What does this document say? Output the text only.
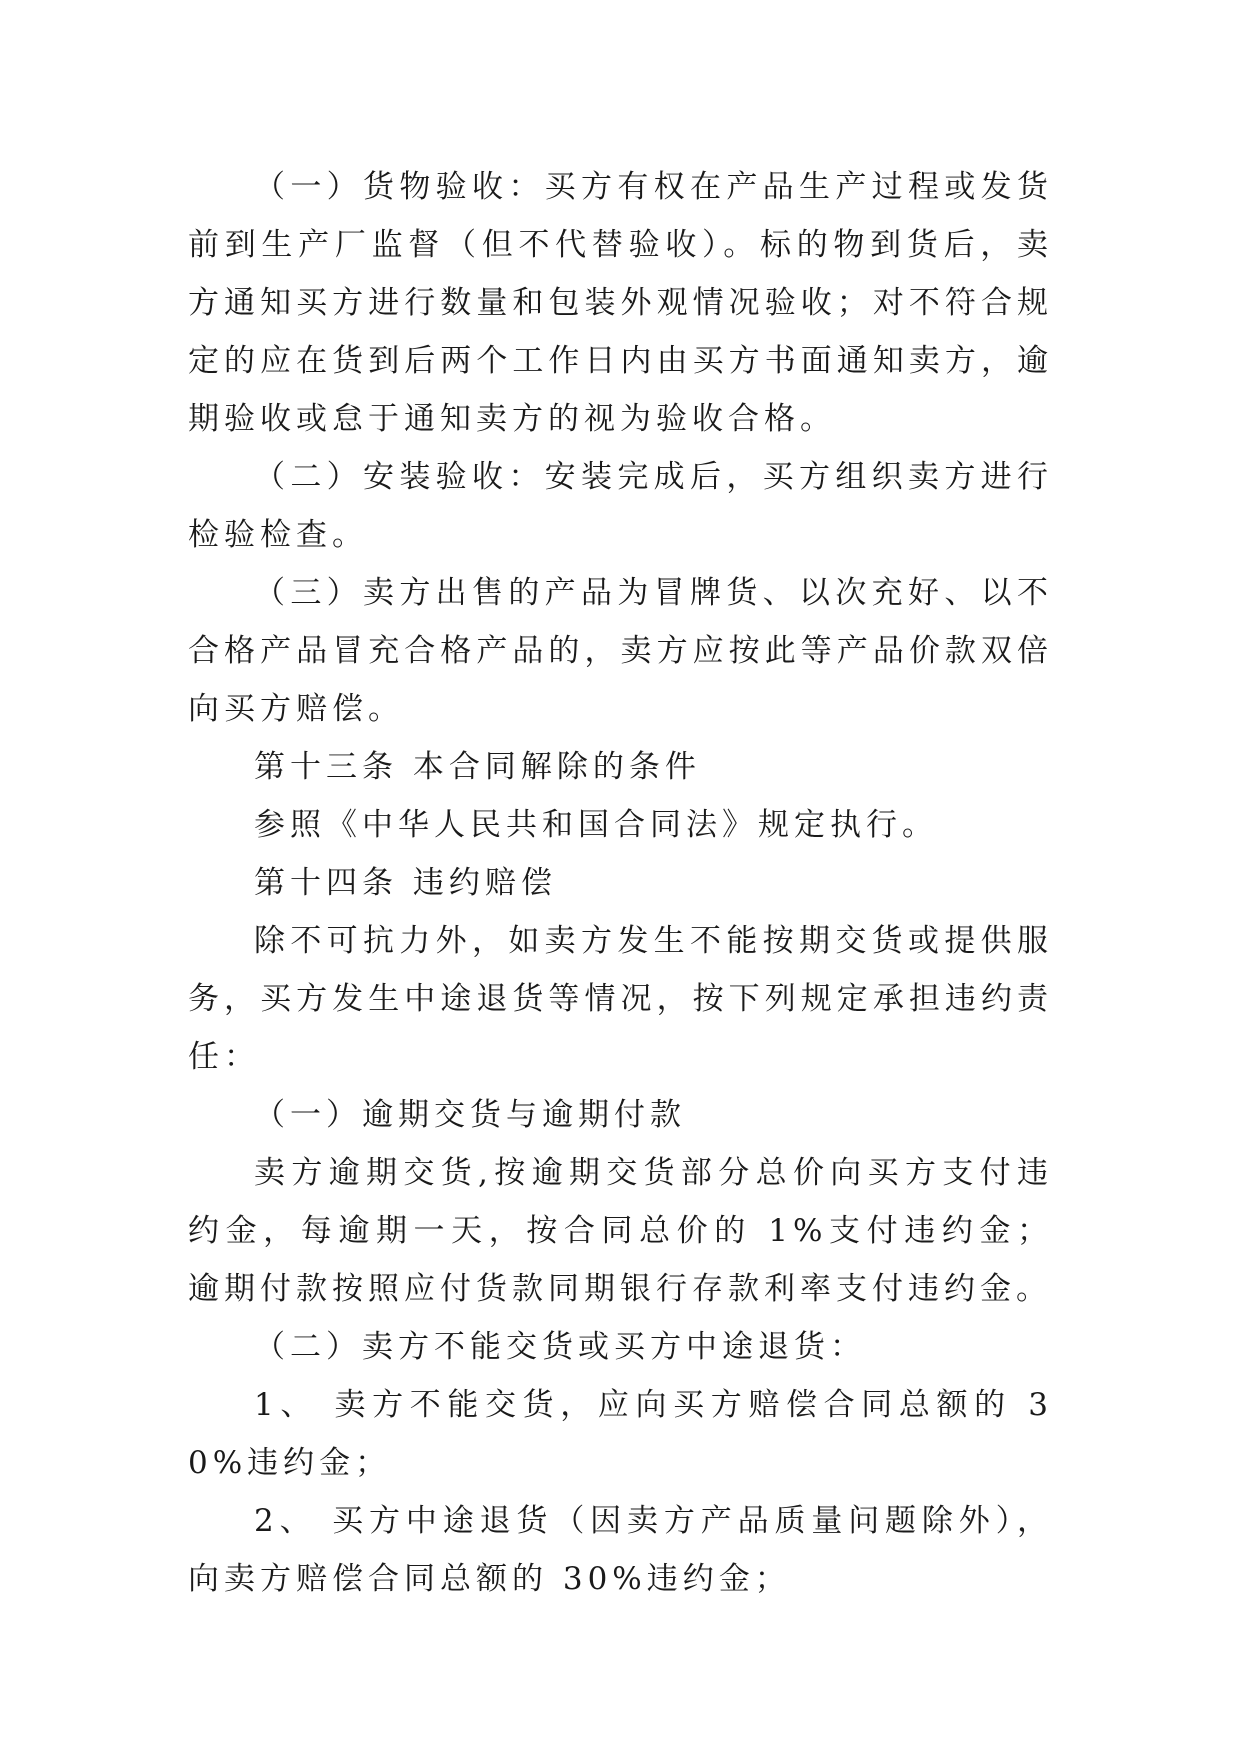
（一）货物验收：买方有权在产品生产过程或发货前到生产厂监督（但不代替验收）。标的物到货后，卖方通知买方进行数量和包装外观情况验收；对不符合规定的应在货到后两个工作日内由买方书面通知卖方，逾期验收或怠于通知卖方的视为验收合格。

（二）安装验收：安装完成后，买方组织卖方进行检验检查。

（三）卖方出售的产品为冒牌货、以次充好、以不合格产品冒充合格产品的，卖方应按此等产品价款双倍向买方赔偿。

第十三条 本合同解除的条件

参照《中华人民共和国合同法》规定执行。

第十四条 违约赔偿

除不可抗力外，如卖方发生不能按期交货或提供服务，买方发生中途退货等情况，按下列规定承担违约责任：

（一）逾期交货与逾期付款

卖方逾期交货,按逾期交货部分总价向买方支付违约金，每逾期一天，按合同总价的 1%支付违约金；逾期付款按照应付货款同期银行存款利率支付违约金。

（二）卖方不能交货或买方中途退货：

1、 卖方不能交货，应向买方赔偿合同总额的 30%违约金；

2、 买方中途退货（因卖方产品质量问题除外），向卖方赔偿合同总额的 30%违约金；
